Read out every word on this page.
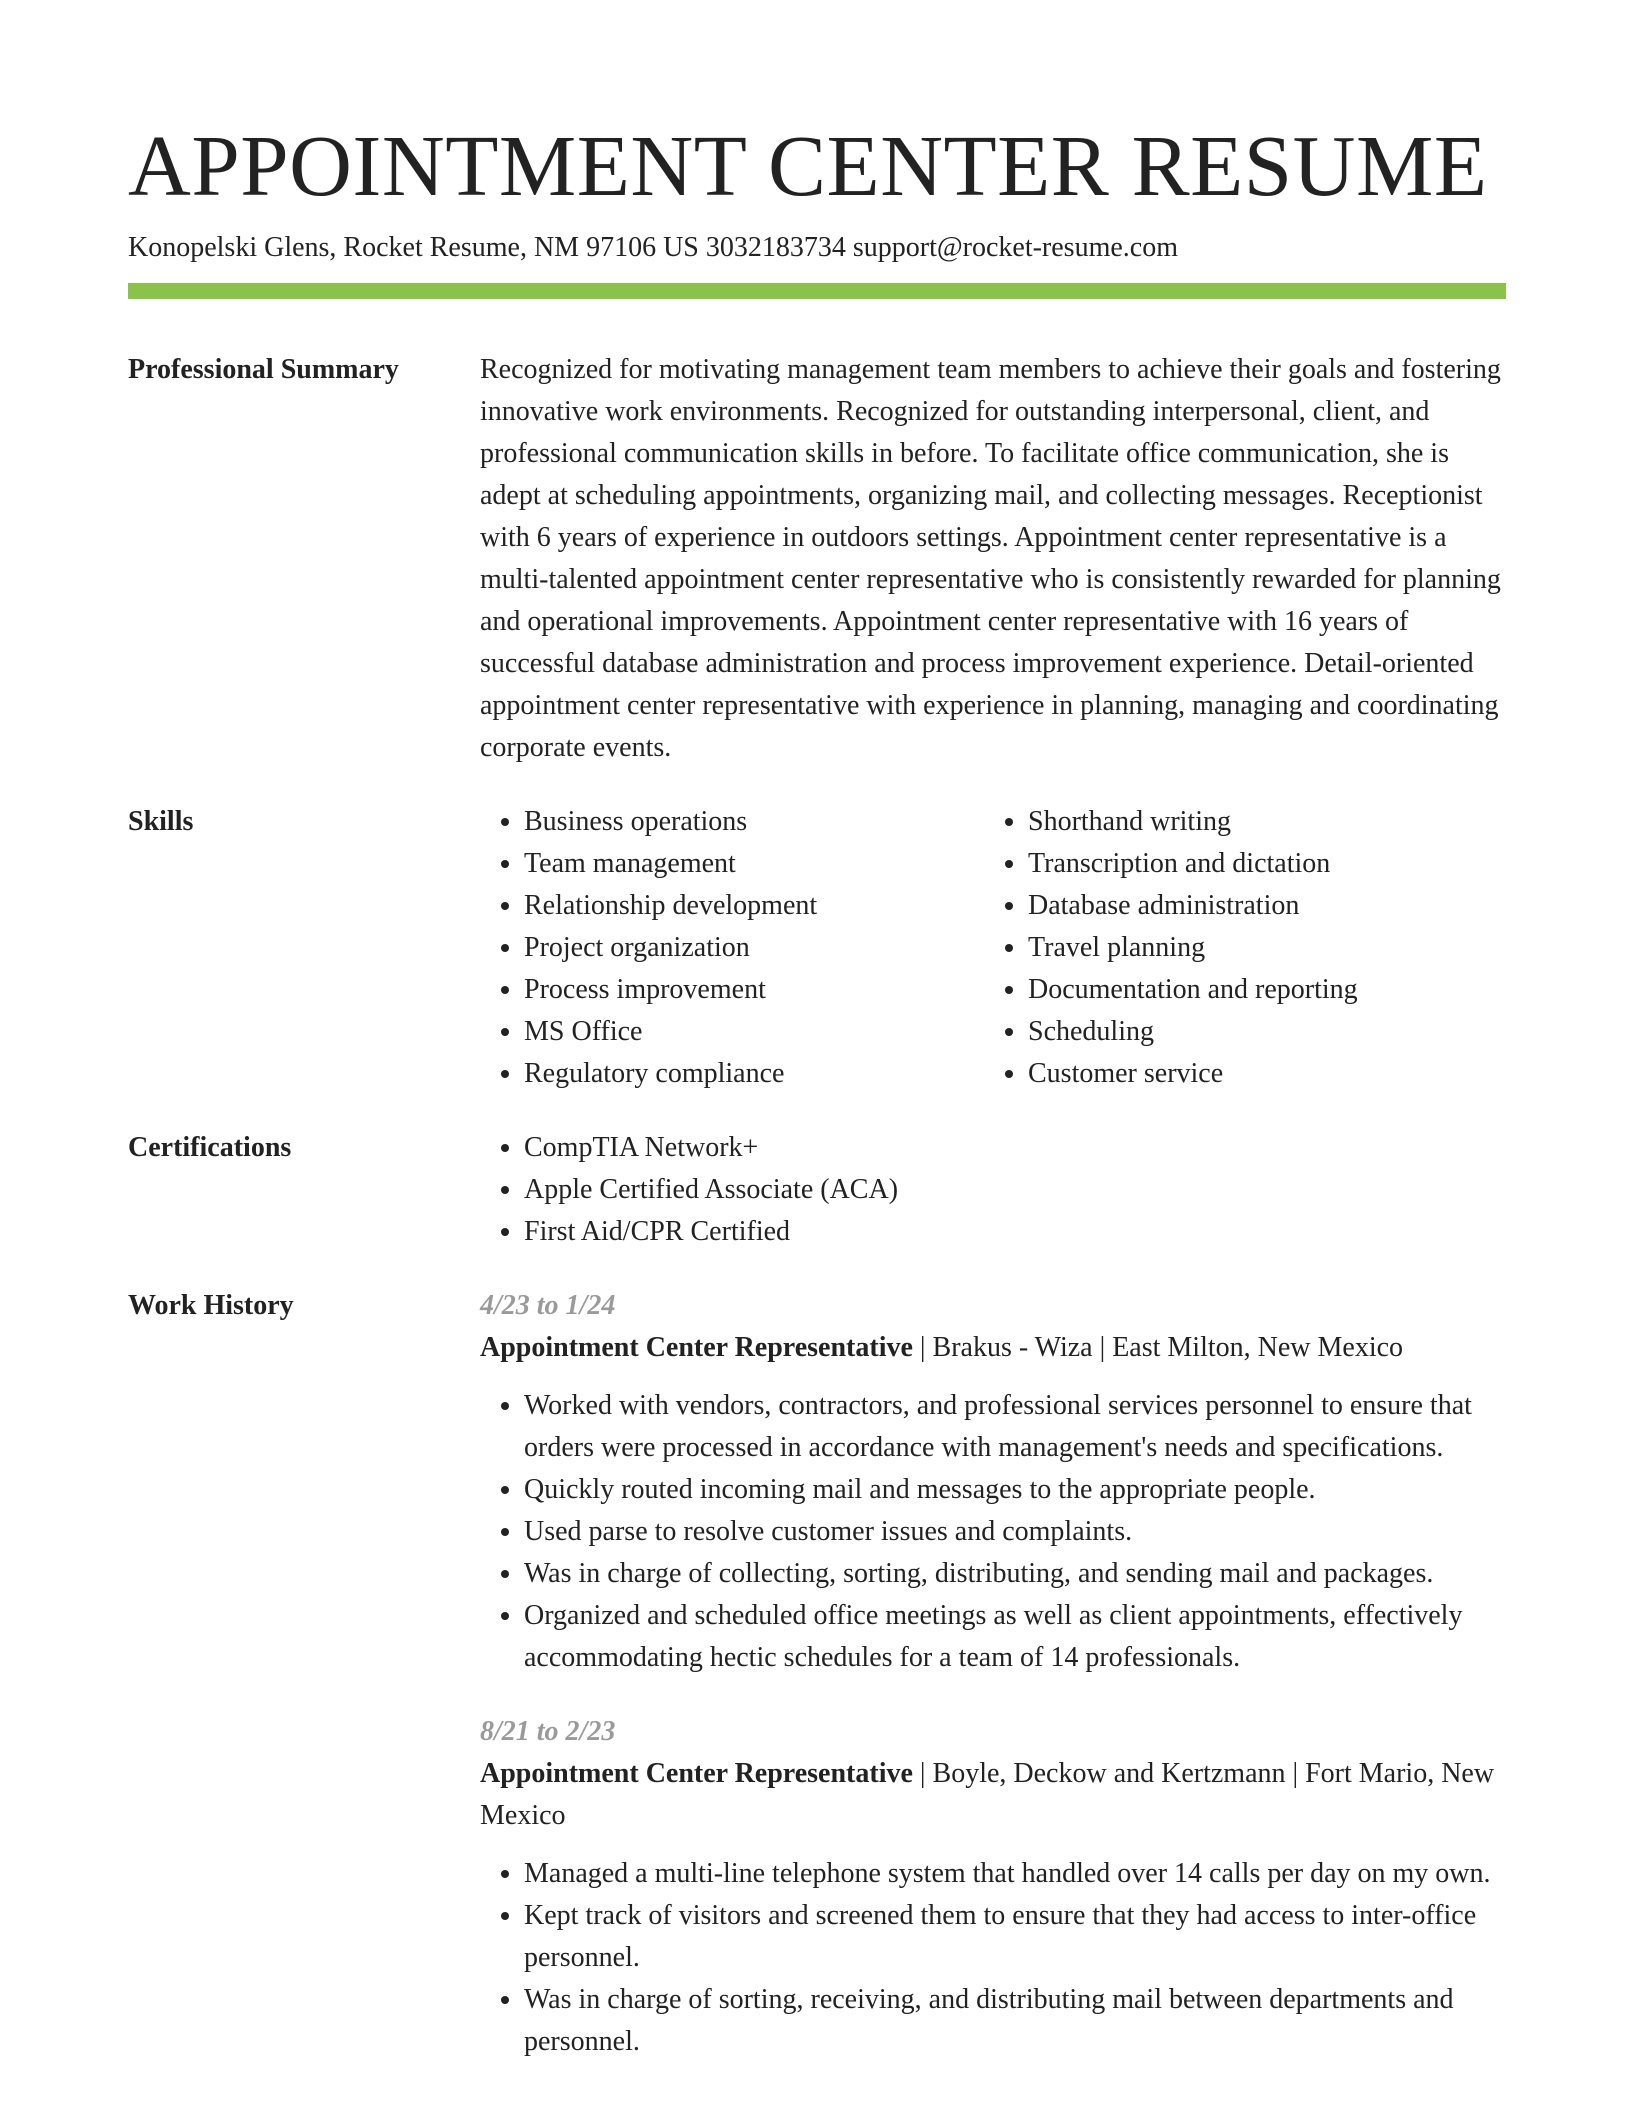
APPOINTMENT CENTER RESUME
Konopelski Glens, Rocket Resume, NM 97106 US 3032183734 support@rocket-resume.com
Professional Summary	Recognized for motivating management team members to achieve their goals and fostering innovative work environments. Recognized for outstanding interpersonal, client, and professional communication skills in before. To facilitate office communication, she is adept at scheduling appointments, organizing mail, and collecting messages. Receptionist with 6 years of experience in outdoors settings. Appointment center representative is a multi-talented appointment center representative who is consistently rewarded for planning and operational improvements. Appointment center representative with 16 years of successful database administration and process improvement experience. Detail-oriented appointment center representative with experience in planning, managing and coordinating corporate events.

Skills	• Business operations
• Team management
• Relationship development
• Project organization
• Process improvement
• MS Office
• Regulatory compliance
• Shorthand writing
• Transcription and dictation
• Database administration
• Travel planning
• Documentation and reporting
• Scheduling
• Customer service
Certifications	• CompTIA Network+
• Apple Certified Associate (ACA)
• First Aid/CPR Certified
Work History	4/23 to 1/24
Appointment Center Representative | Brakus - Wiza | East Milton, New Mexico
• Worked with vendors, contractors, and professional services personnel to ensure that orders were processed in accordance with management's needs and specifications.
• Quickly routed incoming mail and messages to the appropriate people.
• Used parse to resolve customer issues and complaints.
• Was in charge of collecting, sorting, distributing, and sending mail and packages.
• Organized and scheduled office meetings as well as client appointments, effectively accommodating hectic schedules for a team of 14 professionals.
8/21 to 2/23
Appointment Center Representative | Boyle, Deckow and Kertzmann | Fort Mario, New Mexico
• Managed a multi-line telephone system that handled over 14 calls per day on my own.
• Kept track of visitors and screened them to ensure that they had access to inter-office personnel.
• Was in charge of sorting, receiving, and distributing mail between departments and personnel.
